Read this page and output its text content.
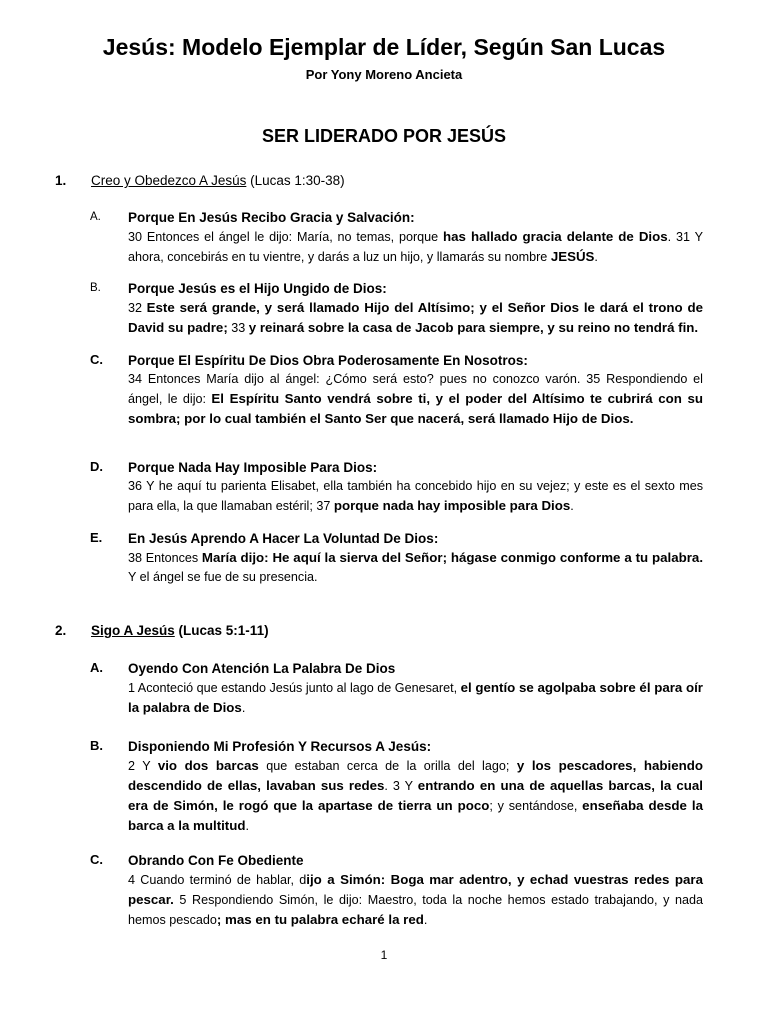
Jesús: Modelo Ejemplar de Líder, Según San Lucas
Por Yony Moreno Ancieta
SER LIDERADO POR JESÚS
1. Creo y Obedezco A Jesús (Lucas 1:30-38)
A. Porque En Jesús Recibo Gracia y Salvación:
30 Entonces el ángel le dijo: María, no temas, porque has hallado gracia delante de Dios. 31 Y ahora, concebirás en tu vientre, y darás a luz un hijo, y llamarás su nombre JESÚS.
B. Porque Jesús es el Hijo Ungido de Dios:
32 Este será grande, y será llamado Hijo del Altísimo; y el Señor Dios le dará el trono de David su padre; 33 y reinará sobre la casa de Jacob para siempre, y su reino no tendrá fin.
C. Porque El Espíritu De Dios Obra Poderosamente En Nosotros:
34 Entonces María dijo al ángel: ¿Cómo será esto? pues no conozco varón. 35 Respondiendo el ángel, le dijo: El Espíritu Santo vendrá sobre ti, y el poder del Altísimo te cubrirá con su sombra; por lo cual también el Santo Ser que nacerá, será llamado Hijo de Dios.
D. Porque Nada Hay Imposible Para Dios:
36 Y he aquí tu parienta Elisabet, ella también ha concebido hijo en su vejez; y este es el sexto mes para ella, la que llamaban estéril; 37 porque nada hay imposible para Dios.
E. En Jesús Aprendo A Hacer La Voluntad De Dios:
38 Entonces María dijo: He aquí la sierva del Señor; hágase conmigo conforme a tu palabra. Y el ángel se fue de su presencia.
2. Sigo A Jesús (Lucas 5:1-11)
A. Oyendo Con Atención La Palabra De Dios
1 Aconteció que estando Jesús junto al lago de Genesaret, el gentío se agolpaba sobre él para oír la palabra de Dios.
B. Disponiendo Mi Profesión Y Recursos A Jesús:
2 Y vio dos barcas que estaban cerca de la orilla del lago; y los pescadores, habiendo descendido de ellas, lavaban sus redes. 3 Y entrando en una de aquellas barcas, la cual era de Simón, le rogó que la apartase de tierra un poco; y sentándose, enseñaba desde la barca a la multitud.
C. Obrando Con Fe Obediente
4 Cuando terminó de hablar, dijo a Simón: Boga mar adentro, y echad vuestras redes para pescar. 5 Respondiendo Simón, le dijo: Maestro, toda la noche hemos estado trabajando, y nada hemos pescado; mas en tu palabra echaré la red.
1
